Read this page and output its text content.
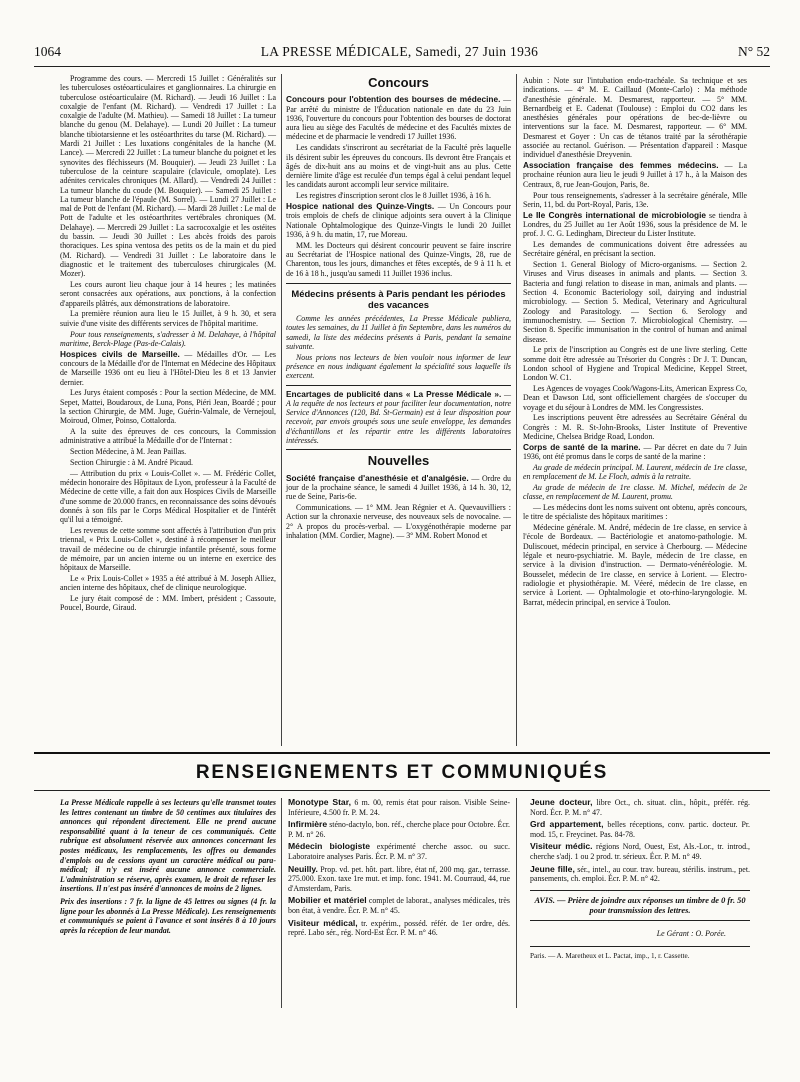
1064	LA PRESSE MÉDICALE, Samedi, 27 Juin 1936	N° 52

Programme des cours. — Mercredi 15 Juillet : Généralités sur les tuberculoses ostéoarticulaires et ganglionnaires. La chirurgie en tuberculose ostéoarticulaire (M. Richard). — Jeudi 16 Juillet : La coxalgie de l'enfant (M. Richard). — Vendredi 17 Juillet : La coxalgie de l'adulte (M. Mathieu). — Samedi 18 Juillet : La tumeur blanche du genou (M. Delahaye). — Lundi 20 Juillet : La tumeur blanche tibiotarsienne et les ostéoarthrites du tarse (M. Richard). — Mardi 21 Juillet : Les luxations congénitales de la hanche (M. Lance). — Mercredi 22 Juillet : La tumeur blanche du poignet et les synovites des fléchisseurs (M. Bouquier). — Jeudi 23 Juillet : La tuberculose de la ceinture scapulaire (clavicule, omoplate). Les adénites cervicales chroniques (M. Allard). — Vendredi 24 Juillet : La tumeur blanche du coude (M. Bouquier). — Samedi 25 Juillet : La tumeur blanche de l'épaule (M. Sorrel). — Lundi 27 Juillet : Le mal de Pott de l'enfant (M. Richard). — Mardi 28 Juillet : Le mal de Pott de l'adulte et les ostéoarthrites vertébrales chroniques (M. Delahaye). — Mercredi 29 Juillet : La sacrocoxalgie et les ostéites du bassin. — Jeudi 30 Juillet : Les abcès froids des parois thoraciques. Les spina ventosa des petits os de la main et du pied (M. Richard). — Vendredi 31 Juillet : Le laboratoire dans le diagnostic et le traitement des tuberculoses chirurgicales (M. Mozer).

Les cours auront lieu chaque jour à 14 heures ; les matinées seront consacrées aux opérations, aux ponctions, à la confection d'appareils plâtrés, aux démonstrations de laboratoire.

La première réunion aura lieu le 15 Juillet, à 9 h. 30, et sera suivie d'une visite des différents services de l'hôpital maritime.

Pour tous renseignements, s'adresser à M. Delahaye, à l'hôpital maritime, Berck-Plage (Pas-de-Calais).

Hospices civils de Marseille. — Médailles d'Or. — Les concours de la Médaille d'or de l'Internat en Médecine des Hôpitaux de Marseille 1936 ont eu lieu à l'Hôtel-Dieu les 8 et 13 Janvier dernier.

Les Jurys étaient composés : Pour la section Médecine, de MM. Sepet, Mattei, Boudaroux, de Luna, Pons, Piéri Jean, Boardé ; pour la section Chirurgie, de MM. Juge, Guérin-Valmale, de Vernejoul, Moiroud, Olmer, Poinso, Cottalorda.

A la suite des épreuves de ces concours, la Commission administrative a attribué la Médaille d'or de l'Internat :

Section Médecine, à M. Jean Paillas.

Section Chirurgie : à M. André Picaud.

— Attribution du prix « Louis-Collet ». — M. Frédéric Collet, médecin honoraire des Hôpitaux de Lyon, professeur à la Faculté de Médecine de cette ville, a fait don aux Hospices Civils de Marseille d'une somme de 20.000 francs, en reconnaissance des soins dévoués donnés à son fils par le Corps Médical Hospitalier et de l'intérêt qu'il lui a témoigné.

Les revenus de cette somme sont affectés à l'attribution d'un prix triennal, « Prix Louis-Collet », destiné à récompenser le meilleur travail de médecine ou de chirurgie infantile présenté, sous forme de mémoire, par un ancien interne ou un interne en exercice des hôpitaux de Marseille.

Le « Prix Louis-Collet » 1935 a été attribué à M. Joseph Alliez, ancien interne des hôpitaux, chef de clinique neurologique.

Le jury était composé de : MM. Imbert, président ; Cassoute, Poucel, Bourde, Giraud.

Concours

Concours pour l'obtention des bourses de médecine. — Par arrêté du ministre de l'Éducation nationale en date du 23 Juin 1936, l'ouverture du concours pour l'obtention des bourses de doctorat aura lieu au siège des Facultés de médecine et des Facultés mixtes de médecine et de pharmacie le vendredi 17 Juillet 1936.

Les candidats s'inscriront au secrétariat de la Faculté près laquelle ils désirent subir les épreuves du concours. Ils devront être Français et âgés de dix-huit ans au moins et de vingt-huit ans au plus. Cette dernière limite d'âge est reculée d'un temps égal à celui pendant lequel les candidats auront accompli leur service militaire.

Les registres d'inscription seront clos le 8 Juillet 1936, à 16 h.

Hospice national des Quinze-Vingts. — Un Concours pour trois emplois de chefs de clinique adjoints sera ouvert à la Clinique Nationale Ophtalmologique des Quinze-Vingts le lundi 20 Juillet 1936, à 9 h. du matin, 17, rue Moreau.

MM. les Docteurs qui désirent concourir peuvent se faire inscrire au Secrétariat de l'Hospice national des Quinze-Vingts, 28, rue de Charenton, tous les jours, dimanches et fêtes exceptés, de 9 à 11 h. et de 16 à 18 h., jusqu'au samedi 11 Juillet 1936 inclus.

Médecins présents à Paris pendant les périodes des vacances

Comme les années précédentes, La Presse Médicale publiera, toutes les semaines, du 11 Juillet à fin Septembre, dans les numéros du samedi, la liste des médecins présents à Paris, pendant la semaine suivante.

Nous prions nos lecteurs de bien vouloir nous informer de leur présence en nous indiquant également la spécialité sous laquelle ils exercent.

Encartages de publicité dans « La Presse Médicale ». — A la requête de nos lecteurs et pour faciliter leur documentation, notre Service d'Annonces (120, Bd. St-Germain) est à leur disposition pour recevoir, par envois groupés sous une seule enveloppe, les demandes d'échantillons et les répartir entre les différents laboratoires intéressés.

Nouvelles

Société française d'anesthésie et d'analgésie. — Ordre du jour de la prochaine séance, le samedi 4 Juillet 1936, à 14 h. 30, 12, rue de Seine, Paris-6e.

Communications. — 1° MM. Jean Régnier et A. Quevauvilliers : Action sur la chronaxie nerveuse, des nouveaux sels de novocaïne. — 2° A propos du procès-verbal. — L'oxygénothérapie moderne par inhalation (MM. Cordier, Magne). — 3° MM. Robert Monod et

Aubin : Note sur l'intubation endo-trachéale. Sa technique et ses indications. — 4° M. E. Caillaud (Monte-Carlo) : Ma méthode d'anesthésie générale. M. Desmarest, rapporteur. — 5° MM. Bernardbeig et E. Cadenat (Toulouse) : Emploi du CO2 dans les anesthésies générales pour opérations de bec-de-lièvre ou interventions sur la face. M. Desmarest, rapporteur. — 6° MM. Desmarest et Goyer : Un cas de tétanos traité par la sérothérapie associée au rectanol. Guérison. — Présentation d'appareil : Masque individuel d'anesthésie Dreyvenin.

Association française des femmes médecins. — La prochaine réunion aura lieu le jeudi 9 Juillet à 17 h., à la Maison des Centraux, 8, rue Jean-Goujon, Paris, 8e.

Pour tous renseignements, s'adresser à la secrétaire générale, Mlle Serin, 11, bd. du Port-Royal, Paris, 13e.

Le IIe Congrès international de microbiologie se tiendra à Londres, du 25 Juillet au 1er Août 1936, sous la présidence de M. le prof. J. C. G. Ledingham, Directeur du Lister Institute.

Les demandes de communications doivent être adressées au Secrétaire général, en précisant la section.

Section 1. General Biology of Micro-organisms. — Section 2. Viruses and Virus diseases in animals and plants. — Section 3. Bacteria and fungi relation to disease in man, animals and plants. — Section 4. Economic Bacteriology soil, dairying and industrial microbiology. — Section 5. Medical, Veterinary and Agricultural Zoology and Parasitology. — Section 6. Serology and immunochemistry. — Section 7. Microbiological Chemistry. — Section 8. Specific immunisation in the control of human and animal disease.

Le prix de l'inscription au Congrès est de une livre sterling. Cette somme doit être adressée au Trésorier du Congrès : Dr J. T. Duncan, London school of Hygiene and Tropical Medicine, Keppel Street, London W. C1.

Les Agences de voyages Cook/Wagons-Lits, American Express Co, Dean et Dawson Ltd, sont officiellement chargées de s'occuper du voyage et du séjour à Londres de MM. les Congressistes.

Les inscriptions peuvent être adressées au Secrétaire Général du Congrès : M. R. St-John-Brooks, Lister Institute of Preventive Medicine, Chelsea Bridge Road, London.

Corps de santé de la marine. — Par décret en date du 7 Juin 1936, ont été promus dans le corps de santé de la marine :

Au grade de médecin principal. M. Laurent, médecin de 1re classe, en remplacement de M. Le Floch, admis à la retraite.

Au grade de médecin de 1re classe. M. Michel, médecin de 2e classe, en remplacement de M. Laurent, promu.

— Les médecins dont les noms suivent ont obtenu, après concours, le titre de spécialiste des hôpitaux maritimes :

Médecine générale. M. André, médecin de 1re classe, en service à l'école de Bordeaux. — Bactériologie et anatomo-pathologie. M. Duliscouet, médecin principal, en service à Cherbourg. — Médecine légale et neuro-psychiatrie. M. Bayle, médecin de 1re classe, en service à la division d'instruction. — Dermato-vénéréologie. M. Bousselet, médecin de 1re classe, en service à Lorient. — Electro-radiologie et physiothérapie. M. Véeré, médecin de 1re classe, en service à Lorient. — Ophtalmologie et oto-rhino-laryngologie. M. Barrat, médecin principal, en service à Toulon.

RENSEIGNEMENTS ET COMMUNIQUÉS

La Presse Médicale rappelle à ses lecteurs qu'elle transmet toutes les lettres contenant un timbre de 50 centimes aux titulaires des annonces qui répondent directement. Elle ne prend aucune responsabilité quant à la teneur de ces communiqués. Cette rubrique est absolument réservée aux annonces concernant les postes médicaux, les remplacements, les offres ou demandes d'emplois ou de cessions ayant un caractère médical ou para-médical; il n'y est inséré aucune annonce commerciale. L'administration se réserve, après examen, le droit de refuser les insertions. Il n'est pas inséré d'annonces de moins de 2 lignes.

Prix des insertions : 7 fr. la ligne de 45 lettres ou signes (4 fr. la ligne pour les abonnés à La Presse Médicale). Les renseignements et communiqués se paient à l'avance et sont insérés 8 à 10 jours après la réception de leur mandat.

Monotype Star, 6 m. 00, remis état pour raison. Visible Seine-Inférieure, 4.500 fr. P. M. 24.

Infirmière sténo-dactylo, bon. réf., cherche place pour Octobre. Écr. P. M. n° 26.

Médecin biologiste expérimenté cherche assoc. ou succ. Laboratoire analyses Paris. Écr. P. M. n° 37.

Neuilly. Prop. vd. pet. hôt. part. libre, état nf, 200 mq. gar., terrasse. 275.000. Exon. taxe 1re mut. et imp. fonc. 1941. M. Courraud, 44, rue d'Amsterdam, Paris.

Mobilier et matériel complet de laborat., analyses médicales, très bon état, à vendre. Écr. P. M. n° 45.

Visiteur médical, tr. expérim., posséd. référ. de 1er ordre, dés. repré. Labo sér., rég. Nord-Est Écr. P. M. n° 46.

Jeune docteur, libre Oct., ch. situat. clin., hôpit., préfér. rég. Nord. Écr. P. M. n° 47.

Grd appartement, belles réceptions, conv. partic. docteur. Pr. mod. 15, r. Freycinet. Pas. 84-78.

Visiteur médic. régions Nord, Ouest, Est, Als.-Lor., tr. introd., cherche s'adj. 1 ou 2 prod. tr. sérieux. Écr. P. M. n° 49.

Jeune fille, sér., intel., au cour. trav. bureau, stérilis. instrum., pet. pansements, ch. emploi. Écr. P. M. n° 42.

AVIS. — Prière de joindre aux réponses un timbre de 0 fr. 50 pour transmission des lettres.

Le Gérant : O. Porée.

Paris. — A. Maretheux et L. Pactat, imp., 1, r. Cassette.
